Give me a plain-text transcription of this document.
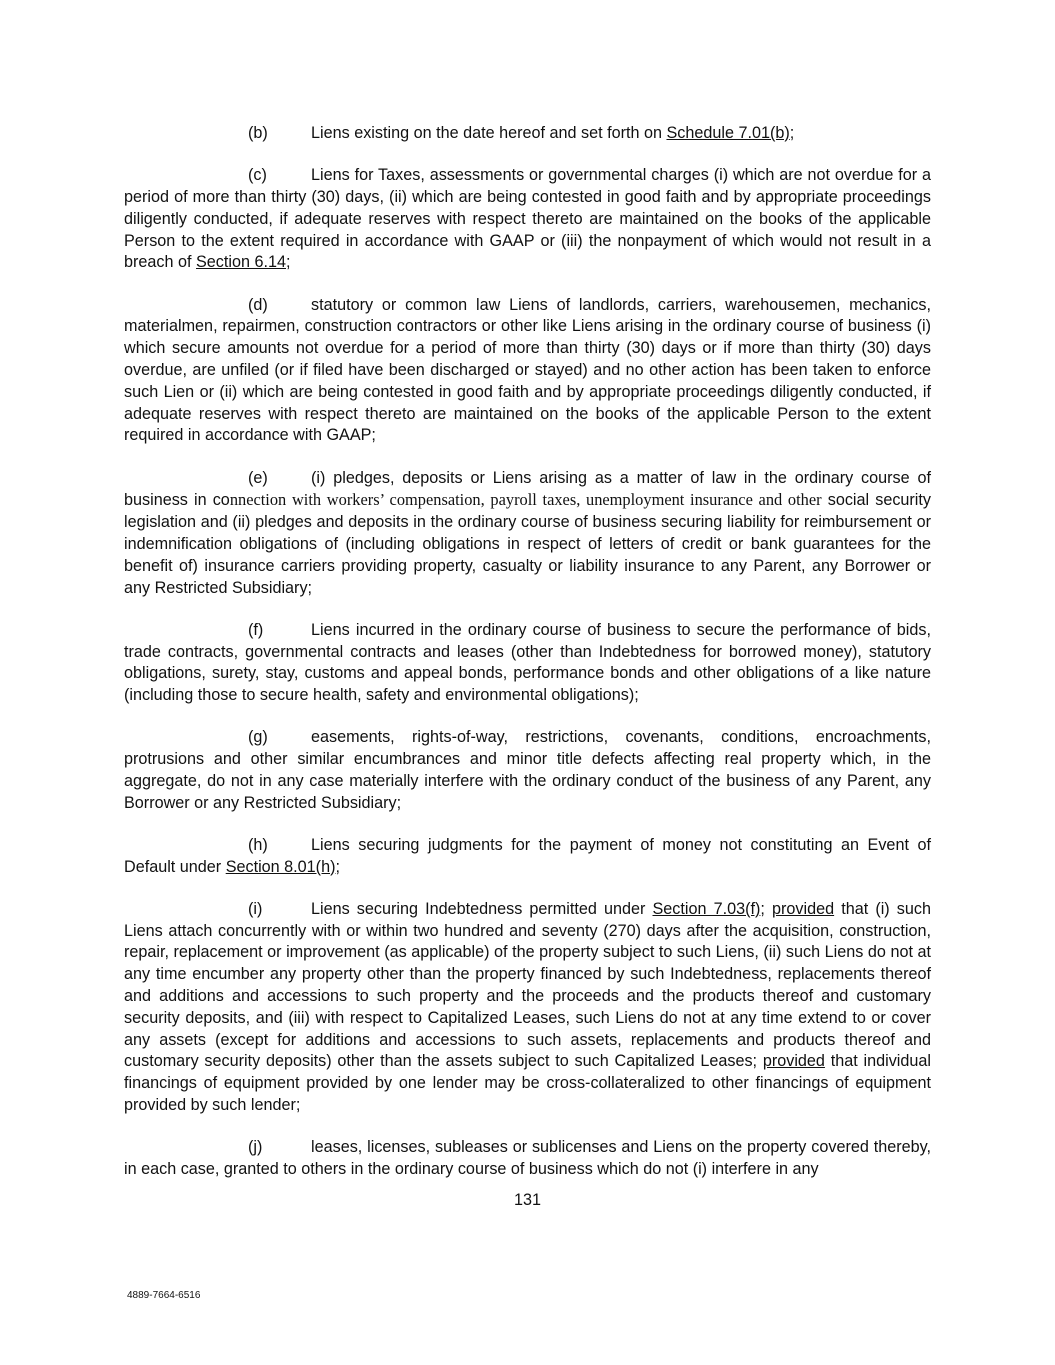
(b)	Liens existing on the date hereof and set forth on Schedule 7.01(b);

(c)	Liens for Taxes, assessments or governmental charges (i) which are not overdue for a period of more than thirty (30) days, (ii) which are being contested in good faith and by appropriate proceedings diligently conducted, if adequate reserves with respect thereto are maintained on the books of the applicable Person to the extent required in accordance with GAAP or (iii) the nonpayment of which would not result in a breach of Section 6.14;

(d)	statutory or common law Liens of landlords, carriers, warehousemen, mechanics, materialmen, repairmen, construction contractors or other like Liens arising in the ordinary course of business (i) which secure amounts not overdue for a period of more than thirty (30) days or if more than thirty (30) days overdue, are unfiled (or if filed have been discharged or stayed) and no other action has been taken to enforce such Lien or (ii) which are being contested in good faith and by appropriate proceedings diligently conducted, if adequate reserves with respect thereto are maintained on the books of the applicable Person to the extent required in accordance with GAAP;

(e)	(i) pledges, deposits or Liens arising as a matter of law in the ordinary course of business in connection with workers’ compensation, payroll taxes, unemployment insurance and other social security legislation and (ii) pledges and deposits in the ordinary course of business securing liability for reimbursement or indemnification obligations of (including obligations in respect of letters of credit or bank guarantees for the benefit of) insurance carriers providing property, casualty or liability insurance to any Parent, any Borrower or any Restricted Subsidiary;

(f)	Liens incurred in the ordinary course of business to secure the performance of bids, trade contracts, governmental contracts and leases (other than Indebtedness for borrowed money), statutory obligations, surety, stay, customs and appeal bonds, performance bonds and other obligations of a like nature (including those to secure health, safety and environmental obligations);

(g)	easements, rights-of-way, restrictions, covenants, conditions, encroachments, protrusions and other similar encumbrances and minor title defects affecting real property which, in the aggregate, do not in any case materially interfere with the ordinary conduct of the business of any Parent, any Borrower or any Restricted Subsidiary;

(h)	Liens securing judgments for the payment of money not constituting an Event of Default under Section 8.01(h);

(i)	Liens securing Indebtedness permitted under Section 7.03(f); provided that (i) such Liens attach concurrently with or within two hundred and seventy (270) days after the acquisition, construction, repair, replacement or improvement (as applicable) of the property subject to such Liens, (ii) such Liens do not at any time encumber any property other than the property financed by such Indebtedness, replacements thereof and additions and accessions to such property and the proceeds and the products thereof and customary security deposits, and (iii) with respect to Capitalized Leases, such Liens do not at any time extend to or cover any assets (except for additions and accessions to such assets, replacements and products thereof and customary security deposits) other than the assets subject to such Capitalized Leases; provided that individual financings of equipment provided by one lender may be cross-collateralized to other financings of equipment provided by such lender;

(j)	leases, licenses, subleases or sublicenses and Liens on the property covered thereby, in each case, granted to others in the ordinary course of business which do not (i) interfere in any

131
4889-7664-6516
